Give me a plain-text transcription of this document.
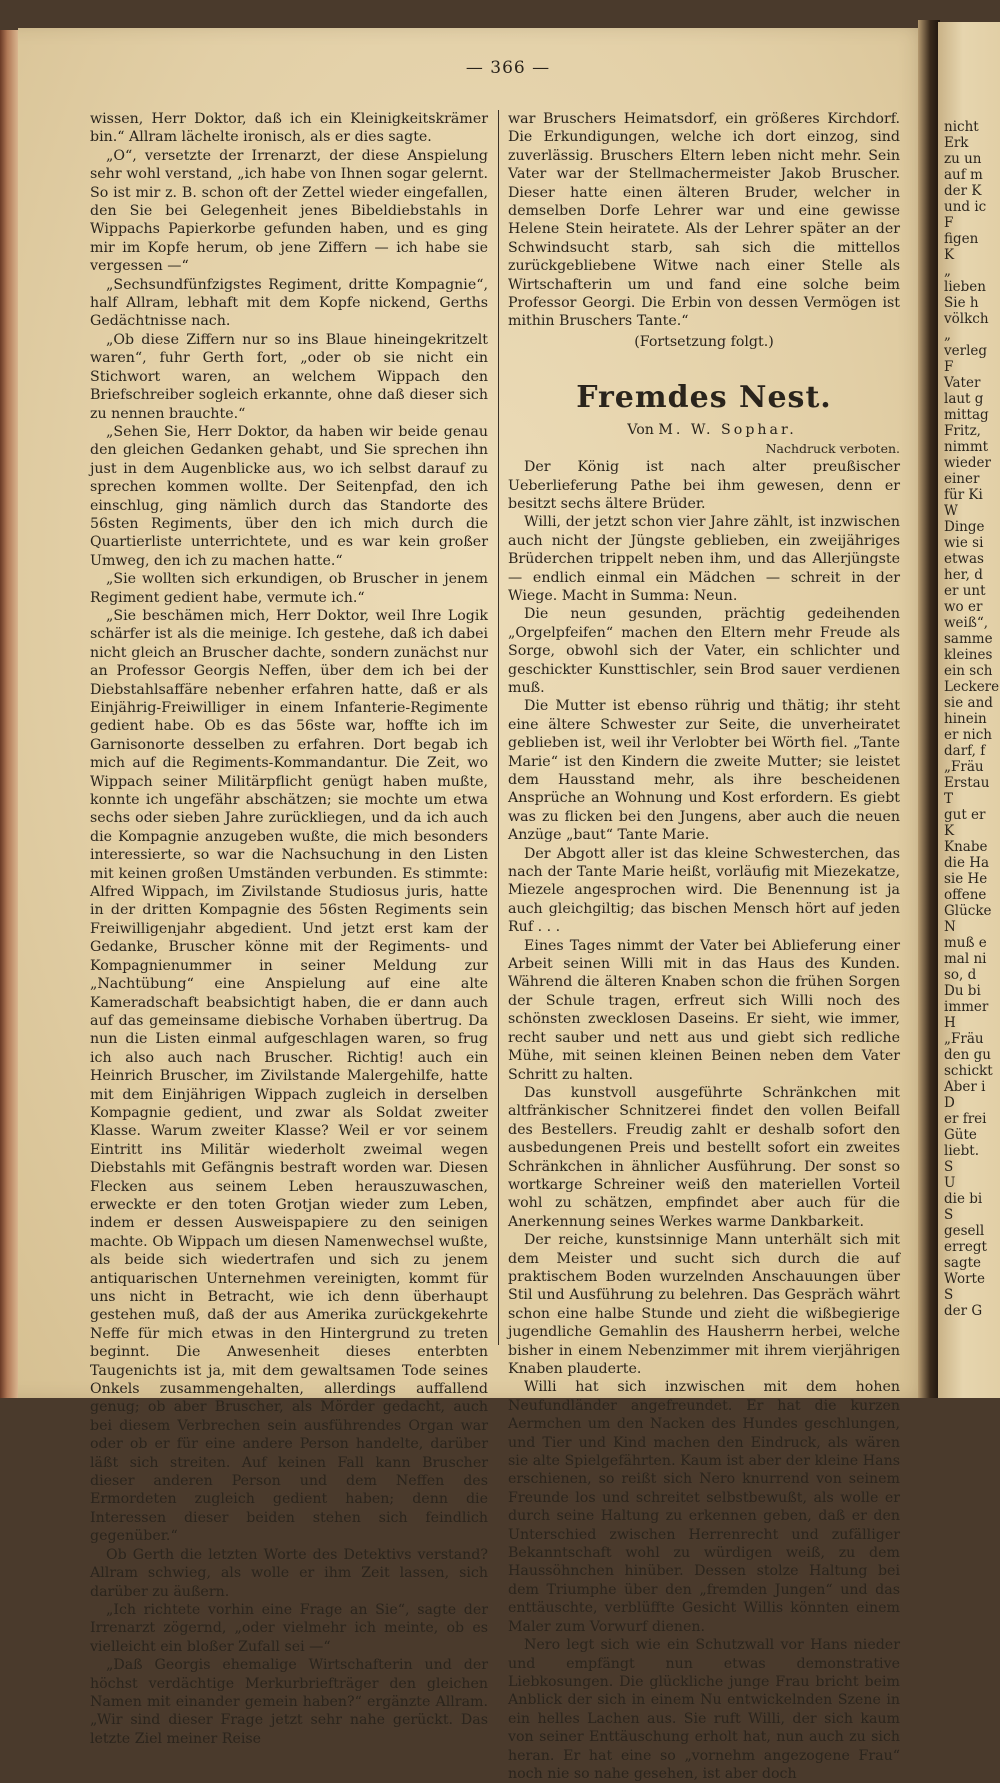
nicht
Erk
zu un
auf m
der K
und ic
F
figen
K
„
lieben
Sie h
völkch
„
verleg
F
Vater
laut g
mittag
Fritz,
nimmt
wieder
einer
für Ki
W
Dinge
wie si
etwas
her, d
er unt
wo er
weiß“,
samme
kleines
ein sch
Leckere
sie and
hinein
er nich
darf, f
„Fräu
Erstau
T
gut er
K
Knabe
die Ha
sie He
offene
Glücke
N
muß e
mal ni
so, d
Du bi
immer
H
„Fräu
den gu
schickt
Aber i
D
er frei
Güte
liebt.
S
U
die bi
S
gesell
erregt
sagte
Worte
S
der G
— 366 —

wissen, Herr Doktor, daß ich ein Kleinigkeitskrämer bin.“ Allram lächelte ironisch, als er dies sagte.

„O“, versetzte der Irrenarzt, der diese Anspielung sehr wohl verstand, „ich habe von Ihnen sogar gelernt. So ist mir z. B. schon oft der Zettel wieder eingefallen, den Sie bei Gelegenheit jenes Bibeldiebstahls in Wippachs Papierkorbe gefunden haben, und es ging mir im Kopfe herum, ob jene Ziffern — ich habe sie vergessen —“

„Sechsundfünfzigstes Regiment, dritte Kompagnie“, half Allram, lebhaft mit dem Kopfe nickend, Gerths Gedächtnisse nach.

„Ob diese Ziffern nur so ins Blaue hineingekritzelt waren“, fuhr Gerth fort, „oder ob sie nicht ein Stichwort waren, an welchem Wippach den Briefschreiber sogleich erkannte, ohne daß dieser sich zu nennen brauchte.“

„Sehen Sie, Herr Doktor, da haben wir beide genau den gleichen Gedanken gehabt, und Sie sprechen ihn just in dem Augenblicke aus, wo ich selbst darauf zu sprechen kommen wollte. Der Seitenpfad, den ich einschlug, ging nämlich durch das Standorte des 56sten Regiments, über den ich mich durch die Quartierliste unterrichtete, und es war kein großer Umweg, den ich zu machen hatte.“

„Sie wollten sich erkundigen, ob Bruscher in jenem Regiment gedient habe, vermute ich.“

„Sie beschämen mich, Herr Doktor, weil Ihre Logik schärfer ist als die meinige. Ich gestehe, daß ich dabei nicht gleich an Bruscher dachte, sondern zunächst nur an Professor Georgis Neffen, über dem ich bei der Diebstahlsaffäre nebenher erfahren hatte, daß er als Einjährig-Freiwilliger in einem Infanterie-Regimente gedient habe. Ob es das 56ste war, hoffte ich im Garnisonorte desselben zu erfahren. Dort begab ich mich auf die Regiments-Kommandantur. Die Zeit, wo Wippach seiner Militärpflicht genügt haben mußte, konnte ich ungefähr abschätzen; sie mochte um etwa sechs oder sieben Jahre zurückliegen, und da ich auch die Kompagnie anzugeben wußte, die mich besonders interessierte, so war die Nachsuchung in den Listen mit keinen großen Umständen verbunden. Es stimmte: Alfred Wippach, im Zivilstande Studiosus juris, hatte in der dritten Kompagnie des 56sten Regiments sein Freiwilligenjahr abgedient. Und jetzt erst kam der Gedanke, Bruscher könne mit der Regiments- und Kompagnienummer in seiner Meldung zur „Nachtübung“ eine Anspielung auf eine alte Kameradschaft beabsichtigt haben, die er dann auch auf das gemeinsame diebische Vorhaben übertrug. Da nun die Listen einmal aufgeschlagen waren, so frug ich also auch nach Bruscher. Richtig! auch ein Heinrich Bruscher, im Zivilstande Malergehilfe, hatte mit dem Einjährigen Wippach zugleich in derselben Kompagnie gedient, und zwar als Soldat zweiter Klasse. Warum zweiter Klasse? Weil er vor seinem Eintritt ins Militär wiederholt zweimal wegen Diebstahls mit Gefängnis bestraft worden war. Diesen Flecken aus seinem Leben herauszuwaschen, erweckte er den toten Grotjan wieder zum Leben, indem er dessen Ausweispapiere zu den seinigen machte. Ob Wippach um diesen Namenwechsel wußte, als beide sich wiedertrafen und sich zu jenem antiquarischen Unternehmen vereinigten, kommt für uns nicht in Betracht, wie ich denn überhaupt gestehen muß, daß der aus Amerika zurückgekehrte Neffe für mich etwas in den Hintergrund zu treten beginnt. Die Anwesenheit dieses enterbten Taugenichts ist ja, mit dem gewaltsamen Tode seines Onkels zusammengehalten, allerdings auffallend genug; ob aber Bruscher, als Mörder gedacht, auch bei diesem Verbrechen sein ausführendes Organ war oder ob er für eine andere Person handelte, darüber läßt sich streiten. Auf keinen Fall kann Bruscher dieser anderen Person und dem Neffen des Ermordeten zugleich gedient haben; denn die Interessen dieser beiden stehen sich feindlich gegenüber.“

Ob Gerth die letzten Worte des Detektivs verstand? Allram schwieg, als wolle er ihm Zeit lassen, sich darüber zu äußern.

„Ich richtete vorhin eine Frage an Sie“, sagte der Irrenarzt zögernd, „oder vielmehr ich meinte, ob es vielleicht ein bloßer Zufall sei —“

„Daß Georgis ehemalige Wirtschafterin und der höchst verdächtige Merkurbriefträger den gleichen Namen mit einander gemein haben?“ ergänzte Allram. „Wir sind dieser Frage jetzt sehr nahe gerückt. Das letzte Ziel meiner Reise

war Bruschers Heimatsdorf, ein größeres Kirchdorf. Die Erkundigungen, welche ich dort einzog, sind zuverlässig. Bruschers Eltern leben nicht mehr. Sein Vater war der Stellmachermeister Jakob Bruscher. Dieser hatte einen älteren Bruder, welcher in demselben Dorfe Lehrer war und eine gewisse Helene Stein heiratete. Als der Lehrer später an der Schwindsucht starb, sah sich die mittellos zurückgebliebene Witwe nach einer Stelle als Wirtschafterin um und fand eine solche beim Professor Georgi. Die Erbin von dessen Vermögen ist mithin Bruschers Tante.“

(Fortsetzung folgt.)

Fremdes Nest.

Von M. W. Sophar.

Nachdruck verboten.

Der König ist nach alter preußischer Ueberlieferung Pathe bei ihm gewesen, denn er besitzt sechs ältere Brüder.

Willi, der jetzt schon vier Jahre zählt, ist inzwischen auch nicht der Jüngste geblieben, ein zweijähriges Brüderchen trippelt neben ihm, und das Allerjüngste — endlich einmal ein Mädchen — schreit in der Wiege. Macht in Summa: Neun.

Die neun gesunden, prächtig gedeihenden „Orgelpfeifen“ machen den Eltern mehr Freude als Sorge, obwohl sich der Vater, ein schlichter und geschickter Kunsttischler, sein Brod sauer verdienen muß.

Die Mutter ist ebenso rührig und thätig; ihr steht eine ältere Schwester zur Seite, die unverheiratet geblieben ist, weil ihr Verlobter bei Wörth fiel. „Tante Marie“ ist den Kindern die zweite Mutter; sie leistet dem Hausstand mehr, als ihre bescheidenen Ansprüche an Wohnung und Kost erfordern. Es giebt was zu flicken bei den Jungens, aber auch die neuen Anzüge „baut“ Tante Marie.

Der Abgott aller ist das kleine Schwesterchen, das nach der Tante Marie heißt, vorläufig mit Miezekatze, Miezele angesprochen wird. Die Benennung ist ja auch gleichgiltig; das bischen Mensch hört auf jeden Ruf . . .

Eines Tages nimmt der Vater bei Ablieferung einer Arbeit seinen Willi mit in das Haus des Kunden. Während die älteren Knaben schon die frühen Sorgen der Schule tragen, erfreut sich Willi noch des schönsten zwecklosen Daseins. Er sieht, wie immer, recht sauber und nett aus und giebt sich redliche Mühe, mit seinen kleinen Beinen neben dem Vater Schritt zu halten.

Das kunstvoll ausgeführte Schränkchen mit altfränkischer Schnitzerei findet den vollen Beifall des Bestellers. Freudig zahlt er deshalb sofort den ausbedungenen Preis und bestellt sofort ein zweites Schränkchen in ähnlicher Ausführung. Der sonst so wortkarge Schreiner weiß den materiellen Vorteil wohl zu schätzen, empfindet aber auch für die Anerkennung seines Werkes warme Dankbarkeit.

Der reiche, kunstsinnige Mann unterhält sich mit dem Meister und sucht sich durch die auf praktischem Boden wurzelnden Anschauungen über Stil und Ausführung zu belehren. Das Gespräch währt schon eine halbe Stunde und zieht die wißbegierige jugendliche Gemahlin des Hausherrn herbei, welche bisher in einem Nebenzimmer mit ihrem vierjährigen Knaben plauderte.

Willi hat sich inzwischen mit dem hohen Neufundländer angefreundet. Er hat die kurzen Aermchen um den Nacken des Hundes geschlungen, und Tier und Kind machen den Eindruck, als wären sie alte Spielgefährten. Kaum ist aber der kleine Hans erschienen, so reißt sich Nero knurrend von seinem Freunde los und schreitet selbstbewußt, als wolle er durch seine Haltung zu erkennen geben, daß er den Unterschied zwischen Herrenrecht und zufälliger Bekanntschaft wohl zu würdigen weiß, zu dem Haussöhnchen hinüber. Dessen stolze Haltung bei dem Triumphe über den „fremden Jungen“ und das enttäuschte, verblüffte Gesicht Willis könnten einem Maler zum Vorwurf dienen.

Nero legt sich wie ein Schutzwall vor Hans nieder und empfängt nun etwas demonstrative Liebkosungen. Die glückliche junge Frau bricht beim Anblick der sich in einem Nu entwickelnden Szene in ein helles Lachen aus. Sie ruft Willi, der sich kaum von seiner Enttäuschung erholt hat, nun auch zu sich heran. Er hat eine so „vornehm angezogene Frau“ noch nie so nahe gesehen, ist aber doch
